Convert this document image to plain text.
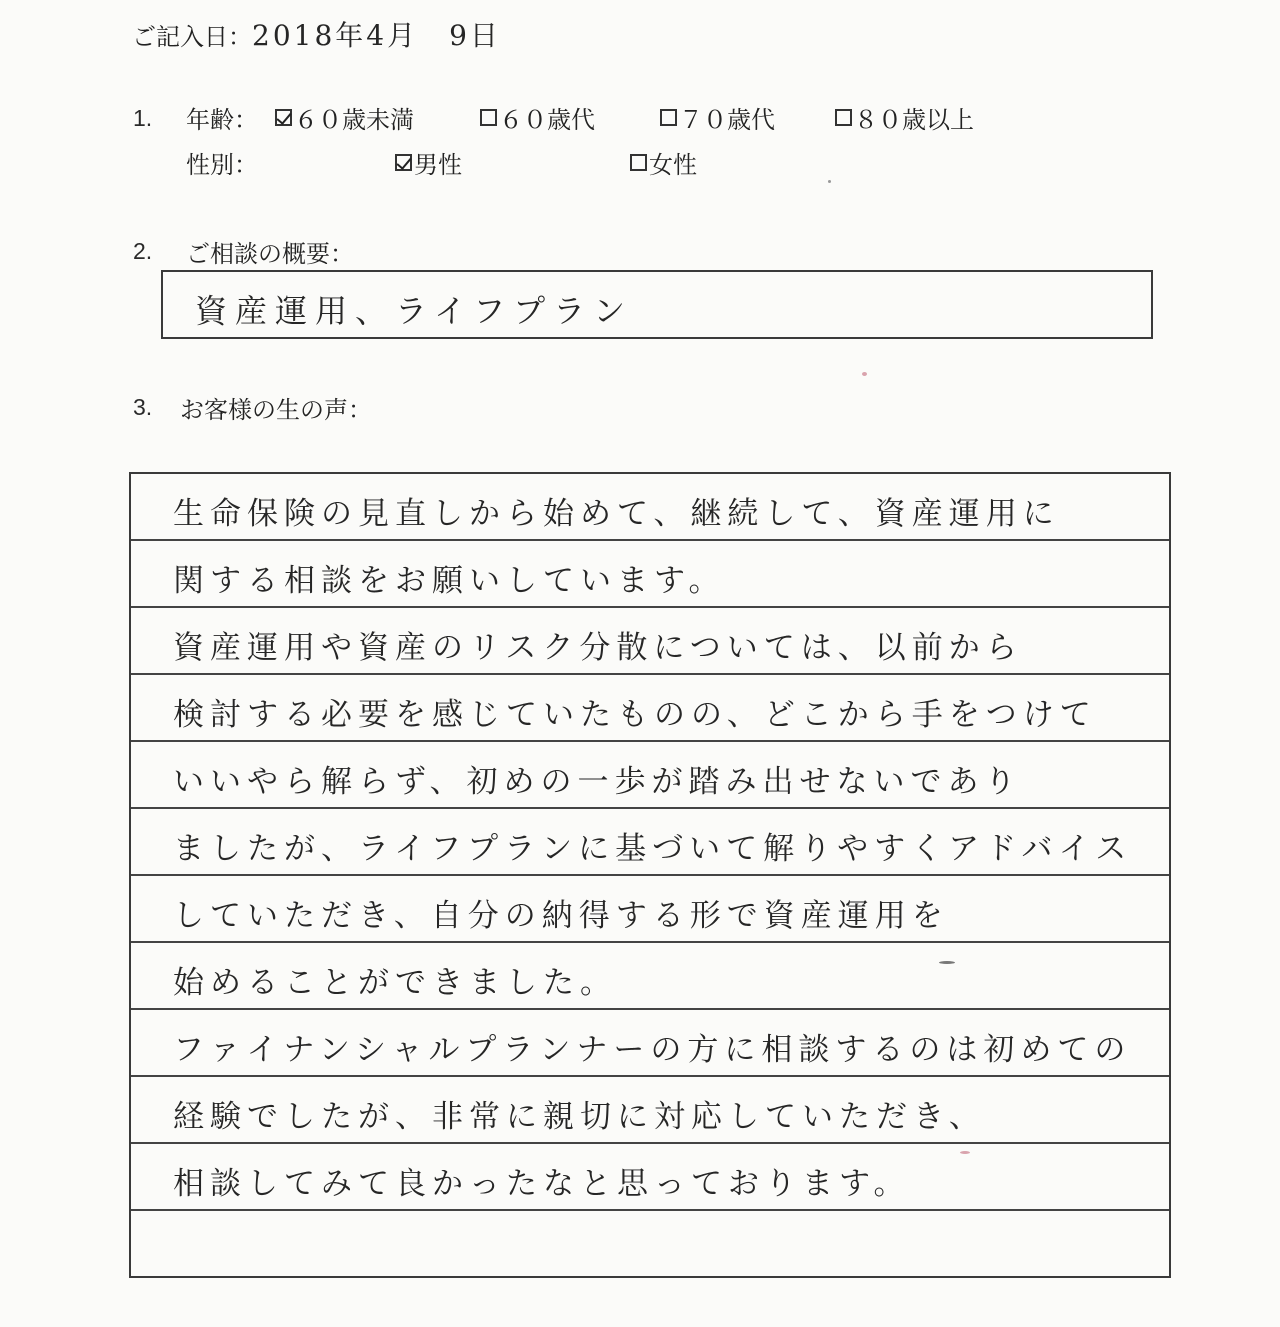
ご記入日：2018年4月　9日
1. 年齢： ６０歳未満	６０歳代	７０歳代	８０歳以上
性別：	男性	女性
2. ご相談の概要：
資産運用、ライフプラン
3. お客様の生の声：
生命保険の見直しから始めて、継続して、資産運用に
関する相談をお願いしています。
資産運用や資産のリスク分散については、以前から
検討する必要を感じていたものの、どこから手をつけて
いいやら解らず、初めの一歩が踏み出せないであり
ましたが、ライフプランに基づいて解りやすくアドバイス
していただき、自分の納得する形で資産運用を
始めることができました。
ファイナンシャルプランナーの方に相談するのは初めての
経験でしたが、非常に親切に対応していただき、
相談してみて良かったなと思っております。
